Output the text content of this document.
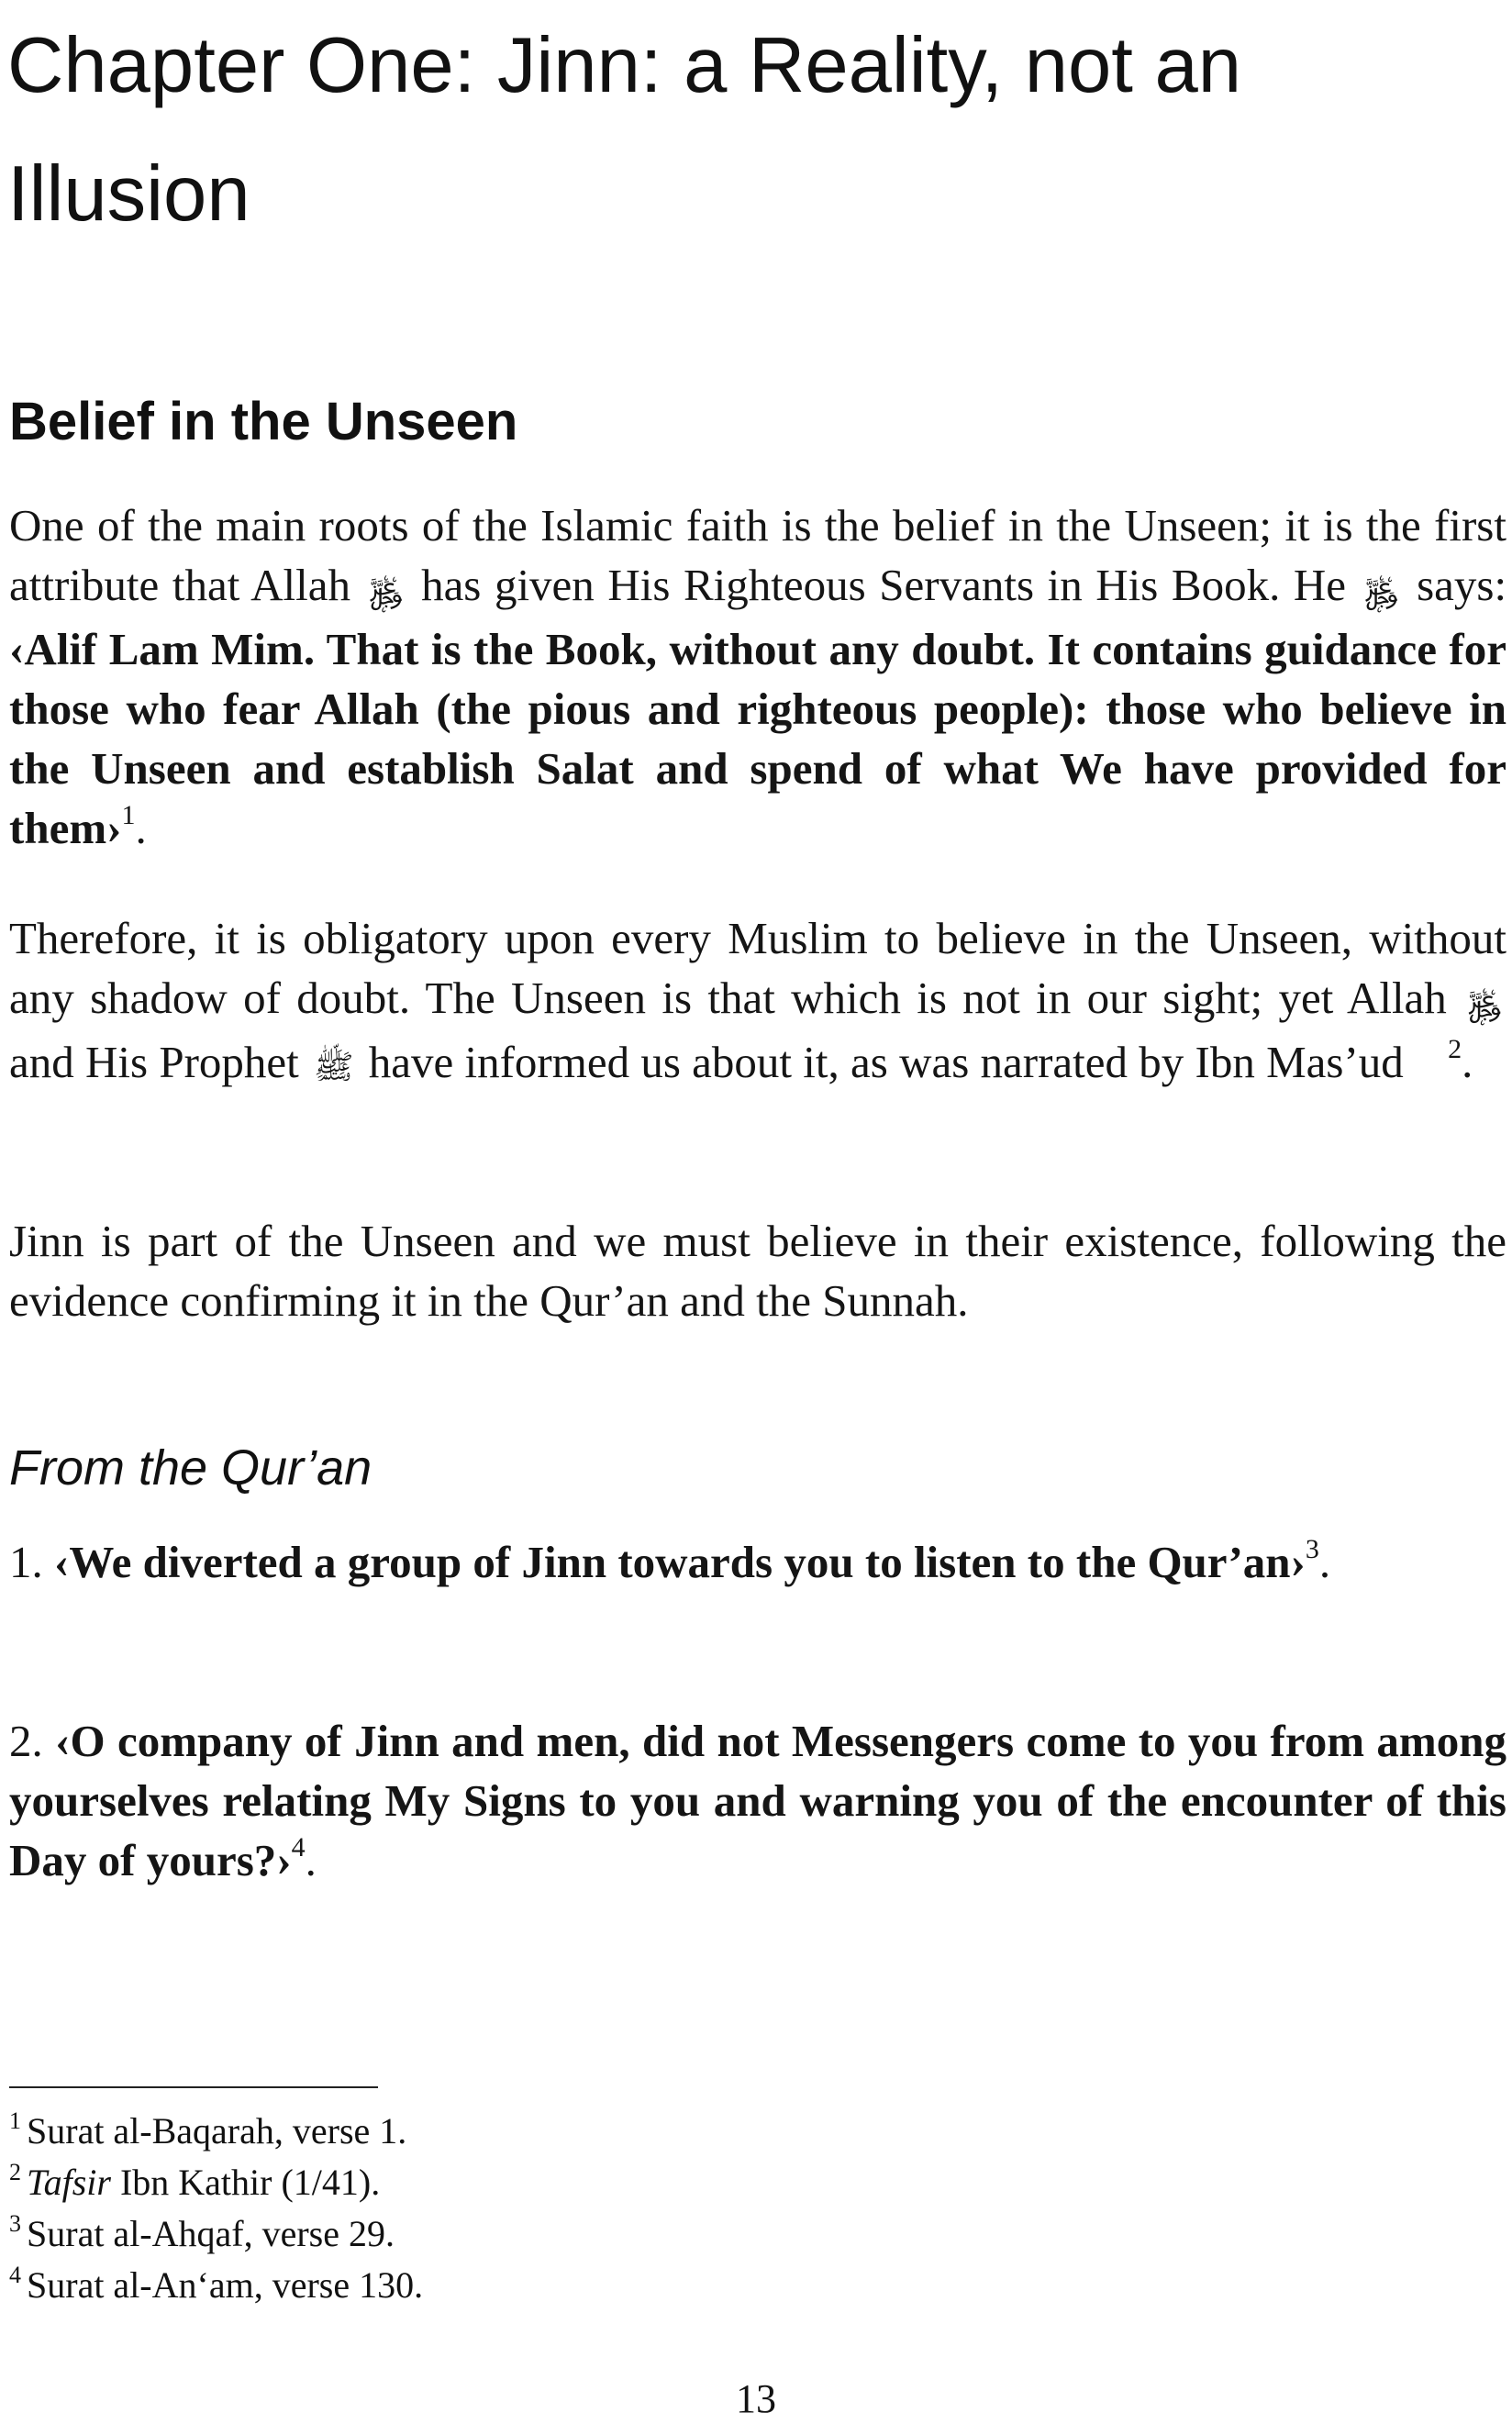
Chapter One: Jinn: a Reality, not an Illusion
Belief in the Unseen

One of the main roots of the Islamic faith is the belief in the Unseen; it is the first attribute that Allah ﷿ has given His Righteous Servants in His Book. He ﷿ says: ‹Alif Lam Mim. That is the Book, without any doubt. It contains guidance for those who fear Allah (the pious and righteous people): those who believe in the Unseen and establish Salat and spend of what We have provided for them›$^1$.

Therefore, it is obligatory upon every Muslim to believe in the Unseen, without any shadow of doubt. The Unseen is that which is not in our sight; yet Allah ﷿ and His Prophet ﷺ have informed us about it, as was narrated by Ibn Mas’ud ﷡ $^2$.

Jinn is part of the Unseen and we must believe in their existence, following the evidence confirming it in the Qur’an and the Sunnah.

From the Qur’an

1. ‹We diverted a group of Jinn towards you to listen to the Qur’an›$^3$.

2. ‹O company of Jinn and men, did not Messengers come to you from among yourselves relating My Signs to you and warning you of the encounter of this Day of yours?›$^4$.

$^1$ Surat al-Baqarah, verse 1.
$^2$ Tafsir Ibn Kathir (1/41).
$^3$ Surat al-Ahqaf, verse 29.
$^4$ Surat al-An‘am, verse 130.
13
